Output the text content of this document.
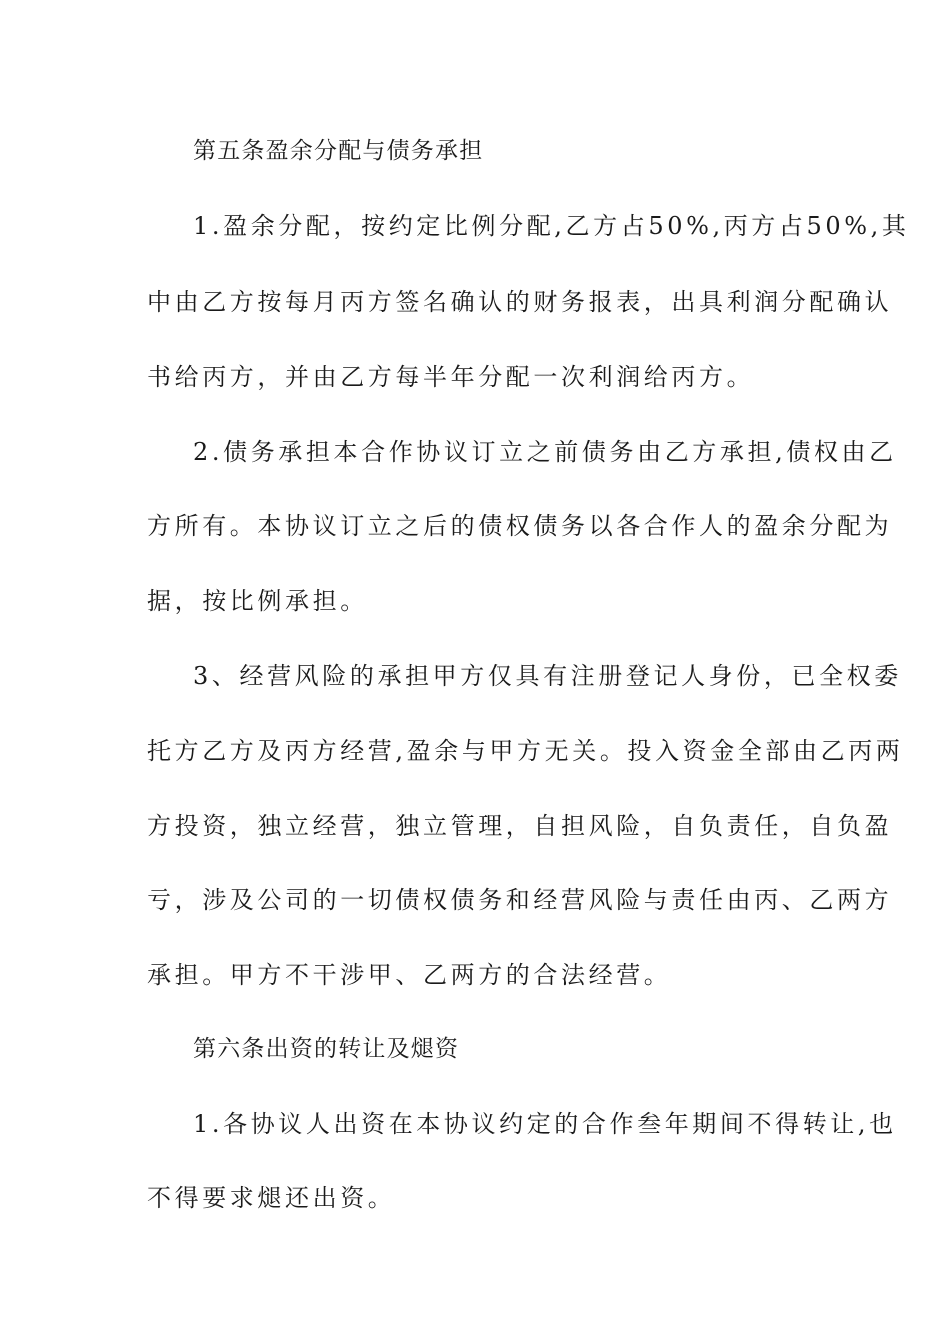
第五条盈余分配与债务承担
1.盈余分配，按约定比例分配,乙方占50%,丙方占50%,其
中由乙方按每月丙方签名确认的财务报表，出具利润分配确认
书给丙方，并由乙方每半年分配一次利润给丙方。
2.债务承担本合作协议订立之前债务由乙方承担,债权由乙
方所有。本协议订立之后的债权债务以各合作人的盈余分配为
据，按比例承担。
3、经营风险的承担甲方仅具有注册登记人身份，已全权委
托方乙方及丙方经营,盈余与甲方无关。投入资金全部由乙丙两
方投资，独立经营，独立管理，自担风险，自负责任，自负盈
亏，涉及公司的一切债权债务和经营风险与责任由丙、乙两方
承担。甲方不干涉甲、乙两方的合法经营。
第六条出资的转让及煺资
1.各协议人出资在本协议约定的合作叁年期间不得转让,也
不得要求煺还出资。
